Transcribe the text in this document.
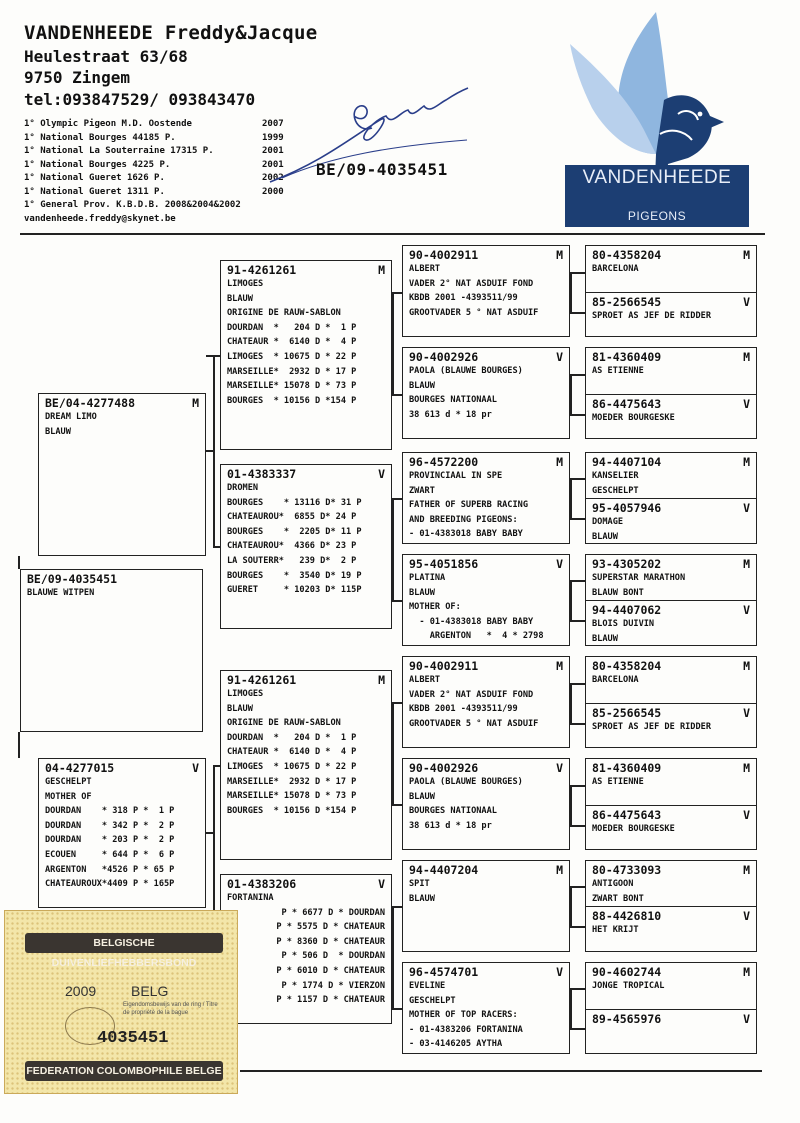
VANDENHEEDE Freddy&Jacque
Heulestraat 63/68
9750 Zingem
tel:093847529/ 093843470
1° Olympic Pigeon M.D. Oostende	2007
1° National Bourges 44185 P.	1999
1° National La Souterraine 17315 P.	2001
1° National Bourges 4225 P.	2001
1° National Gueret 1626 P.	2002
1° National Gueret 1311 P.	2000
1° General Prov. K.B.D.B. 2008&2004&2002
vandenheede.freddy@skynet.be
BE/09-4035451	VANDENHEEDE
PIGEONS
BE/09-4035451
BLAUWE WITPEN
BE/04-4277488	M
DREAM LIMO
BLAUW
04-4277015	V
GESCHELPT
MOTHER OF
DOURDAN    * 318 P *  1 P
DOURDAN    * 342 P *  2 P
DOURDAN    * 203 P *  2 P
ECOUEN     * 644 P *  6 P
ARGENTON   *4526 P * 65 P
CHATEAUROUX*4409 P * 165P
91-4261261	M
LIMOGES
BLAUW
ORIGINE DE RAUW-SABLON
DOURDAN  *   204 D *  1 P
CHATEAUR *  6140 D *  4 P
LIMOGES  * 10675 D * 22 P
MARSEILLE*  2932 D * 17 P
MARSEILLE* 15078 D * 73 P
BOURGES  * 10156 D *154 P
01-4383337	V
DROMEN
BOURGES    * 13116 D* 31 P
CHATEAUROU*  6855 D* 24 P
BOURGES    *  2205 D* 11 P
CHATEAUROU*  4366 D* 23 P
LA SOUTERR*   239 D*  2 P
BOURGES    *  3540 D* 19 P
GUERET     * 10203 D* 115P
91-4261261	M
LIMOGES
BLAUW
ORIGINE DE RAUW-SABLON
DOURDAN  *   204 D *  1 P
CHATEAUR *  6140 D *  4 P
LIMOGES  * 10675 D * 22 P
MARSEILLE*  2932 D * 17 P
MARSEILLE* 15078 D * 73 P
BOURGES  * 10156 D *154 P
01-4383206	V
FORTANINA
P * 6677 D * DOURDAN
P * 5575 D * CHATEAUR
P * 8360 D * CHATEAUR
P * 506 D  * DOURDAN
P * 6010 D * CHATEAUR
P * 1774 D * VIERZON
P * 1157 D * CHATEAUR
90-4002911	M
ALBERT
VADER 2° NAT ASDUIF FOND
KBDB 2001 -4393511/99
GROOTVADER 5 ° NAT ASDUIF
90-4002926	V
PAOLA (BLAUWE BOURGES)
BLAUW
BOURGES NATIONAAL
38 613 d * 18 pr
96-4572200	M
PROVINCIAAL IN SPE
ZWART
FATHER OF SUPERB RACING
AND BREEDING PIGEONS:
- 01-4383018 BABY BABY
95-4051856	V
PLATINA
BLAUW
MOTHER OF:
- 01-4383018 BABY BABY
ARGENTON   *  4 * 2798
90-4002911	M
ALBERT
VADER 2° NAT ASDUIF FOND
KBDB 2001 -4393511/99
GROOTVADER 5 ° NAT ASDUIF
90-4002926	V
PAOLA (BLAUWE BOURGES)
BLAUW
BOURGES NATIONAAL
38 613 d * 18 pr
94-4407204	M
SPIT
BLAUW
96-4574701	V
EVELINE
GESCHELPT
MOTHER OF TOP RACERS:
- 01-4383206 FORTANINA
- 03-4146205 AYTHA
80-4358204	M
BARCELONA
85-2566545	V
SPROET AS JEF DE RIDDER
81-4360409	M
AS ETIENNE
86-4475643	V
MOEDER BOURGESKE
94-4407104	M
KANSELIER
GESCHELPT
95-4057946	V
DOMAGE
BLAUW
93-4305202	M
SUPERSTAR MARATHON
BLAUW BONT
94-4407062	V
BLOIS DUIVIN
BLAUW
80-4358204	M
BARCELONA
85-2566545	V
SPROET AS JEF DE RIDDER
81-4360409	M
AS ETIENNE
86-4475643	V
MOEDER BOURGESKE
80-4733093	M
ANTIGOON
ZWART BONT
88-4426810	V
HET KRIJT
90-4602744	M
JONGE TROPICAL
89-4565976	V
BELGISCHE DUIVENLIEFHEBBERSBOND
2009 BELG
Eigendomsbewijs van de ring / Titre de propriété de la bague
4035451
FEDERATION COLOMBOPHILE BELGE
